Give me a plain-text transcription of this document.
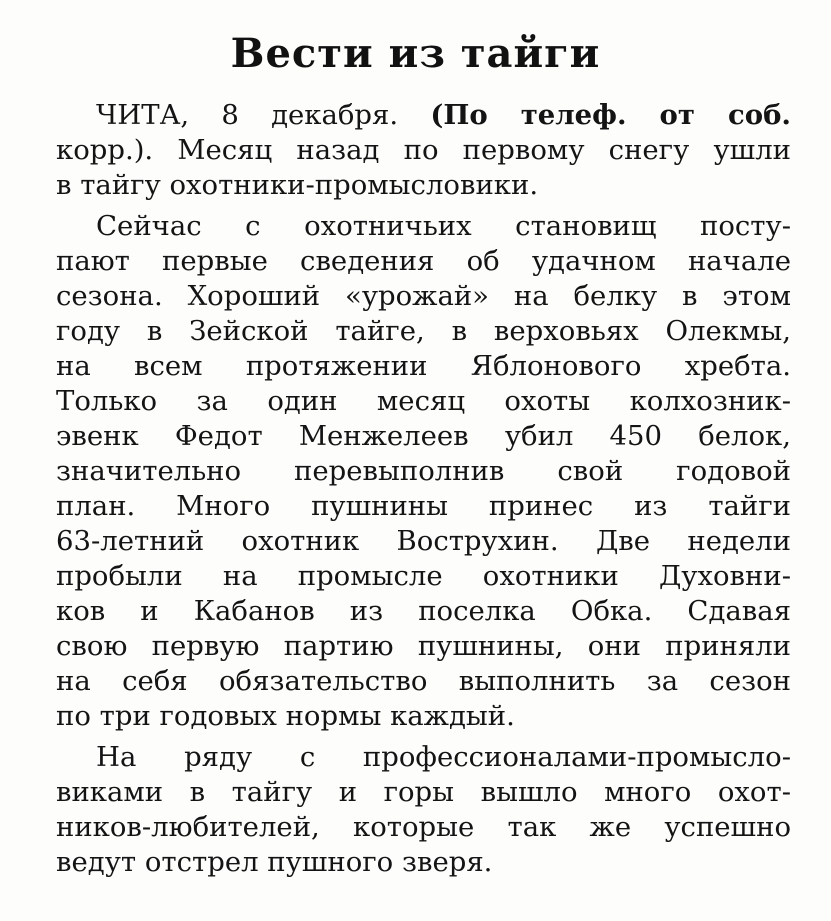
Вести из тайги
ЧИТА, 8 декабря. (По телеф. от соб.
корр.). Месяц назад по первому снегу ушли
в тайгу охотники-промысловики.
Сейчас с охотничьих становищ посту-
пают первые сведения об удачном начале
сезона. Хороший «урожай» на белку в этом
году в Зейской тайге, в верховьях Олекмы,
на всем протяжении Яблонового хребта.
Только за один месяц охоты колхозник-
эвенк Федот Менжелеев убил 450 белок,
значительно перевыполнив свой годовой
план. Много пушнины принес из тайги
63-летний охотник Вострухин. Две недели
пробыли на промысле охотники Духовни-
ков и Кабанов из поселка Обка. Сдавая
свою первую партию пушнины, они приняли
на себя обязательство выполнить за сезон
по три годовых нормы каждый.
На ряду с профессионалами-промысло-
виками в тайгу и горы вышло много охот-
ников-любителей, которые так же успешно
ведут отстрел пушного зверя.
